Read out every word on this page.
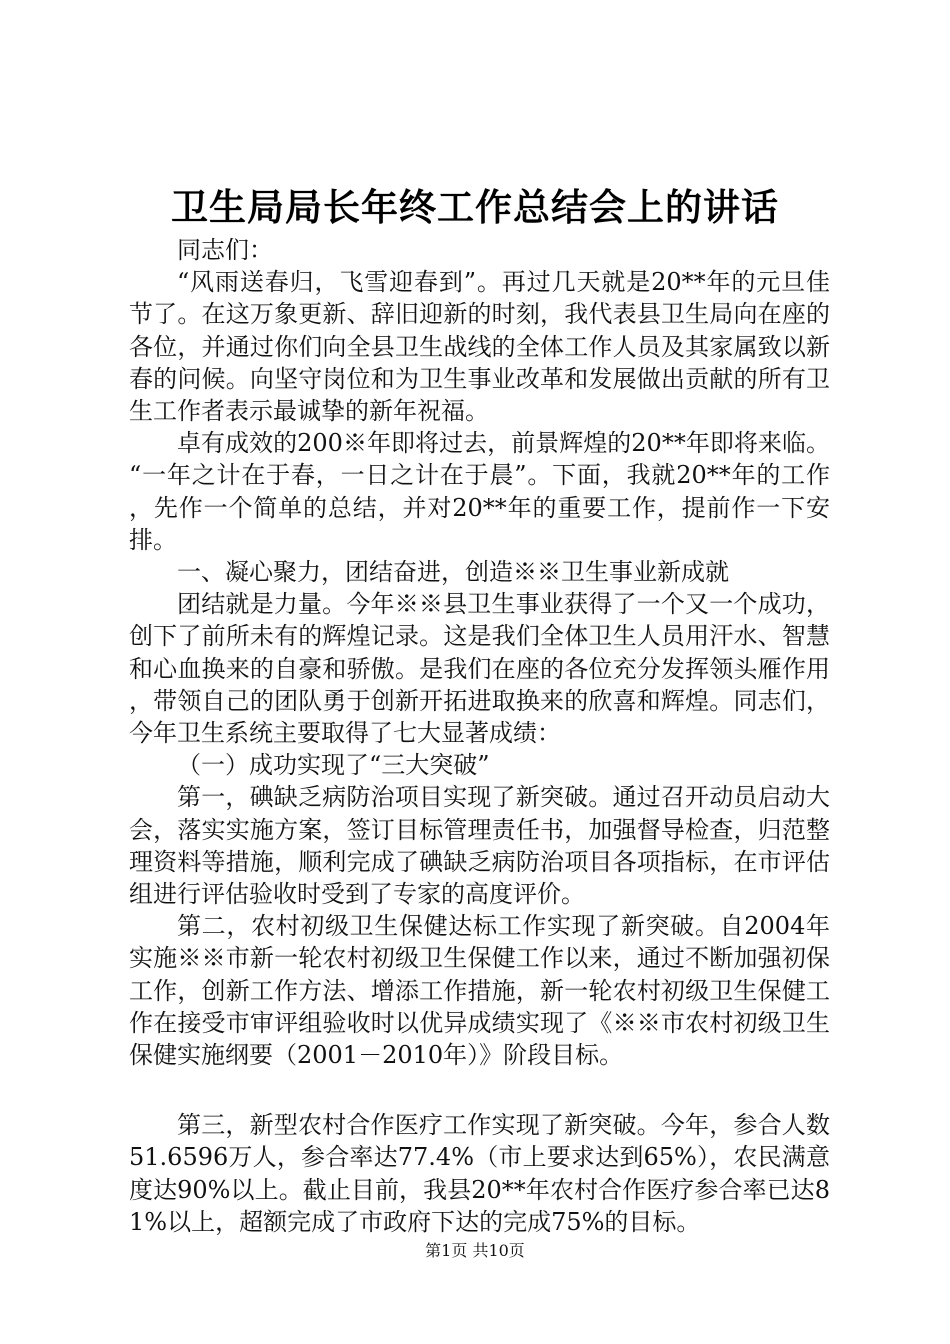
卫生局局长年终工作总结会上的讲话

同志们：

“风雨送春归，飞雪迎春到”。再过几天就是20**年的元旦佳节了。在这万象更新、辞旧迎新的时刻，我代表县卫生局向在座的各位，并通过你们向全县卫生战线的全体工作人员及其家属致以新春的问候。向坚守岗位和为卫生事业改革和发展做出贡献的所有卫生工作者表示最诚挚的新年祝福。

卓有成效的200※年即将过去，前景辉煌的20**年即将来临。“一年之计在于春，一日之计在于晨”。下面，我就20**年的工作，先作一个简单的总结，并对20**年的重要工作，提前作一下安排。

一、凝心聚力，团结奋进，创造※※卫生事业新成就

团结就是力量。今年※※县卫生事业获得了一个又一个成功，创下了前所未有的辉煌记录。这是我们全体卫生人员用汗水、智慧和心血换来的自豪和骄傲。是我们在座的各位充分发挥领头雁作用，带领自己的团队勇于创新开拓进取换来的欣喜和辉煌。同志们，今年卫生系统主要取得了七大显著成绩：

（一）成功实现了“三大突破”

第一，碘缺乏病防治项目实现了新突破。通过召开动员启动大会，落实实施方案，签订目标管理责任书，加强督导检查，归范整理资料等措施，顺利完成了碘缺乏病防治项目各项指标，在市评估组进行评估验收时受到了专家的高度评价。

第二，农村初级卫生保健达标工作实现了新突破。自2004年实施※※市新一轮农村初级卫生保健工作以来，通过不断加强初保工作，创新工作方法、增添工作措施，新一轮农村初级卫生保健工作在接受市审评组验收时以优异成绩实现了《※※市农村初级卫生保健实施纲要（2001－2010年）》阶段目标。

第三，新型农村合作医疗工作实现了新突破。今年，参合人数51.6596万人，参合率达77.4%（市上要求达到65%），农民满意度达90%以上。截止目前，我县20**年农村合作医疗参合率已达81%以上，超额完成了市政府下达的完成75%的目标。

第1页 共10页
